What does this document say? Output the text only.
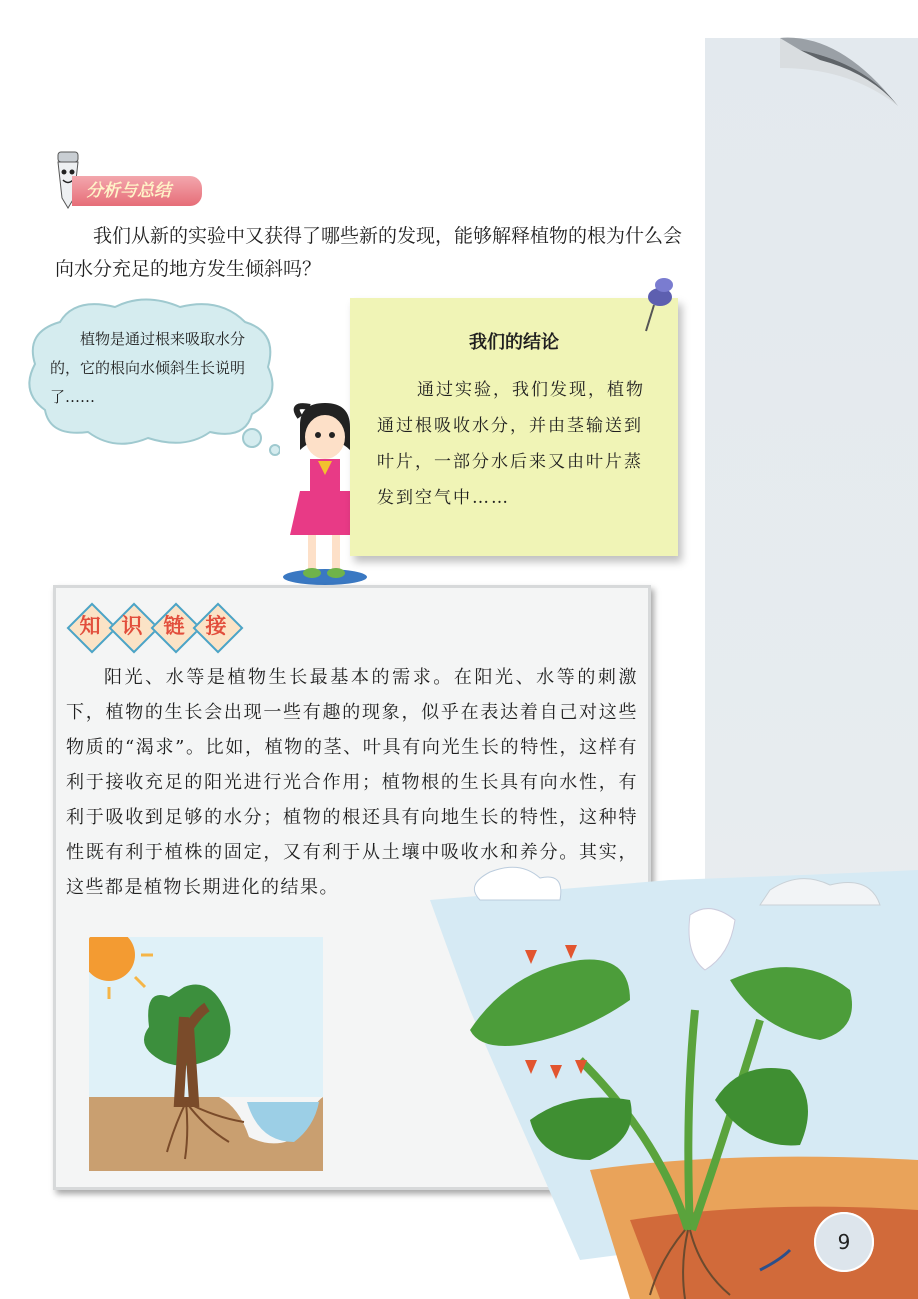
分析与总结

我们从新的实验中又获得了哪些新的发现，能够解释植物的根为什么会向水分充足的地方发生倾斜吗？

植物是通过根来吸取水分的，它的根向水倾斜生长说明了……

我们的结论

通过实验，我们发现，植物通过根吸收水分，并由茎输送到叶片，一部分水后来又由叶片蒸发到空气中……

知	识	链	接

阳光、水等是植物生长最基本的需求。在阳光、水等的刺激下，植物的生长会出现一些有趣的现象，似乎在表达着自己对这些物质的“渴求”。比如，植物的茎、叶具有向光生长的特性，这样有利于接收充足的阳光进行光合作用；植物根的生长具有向水性，有利于吸收到足够的水分；植物的根还具有向地生长的特性，这种特性既有利于植株的固定，又有利于从土壤中吸收水和养分。其实，这些都是植物长期进化的结果。

9
